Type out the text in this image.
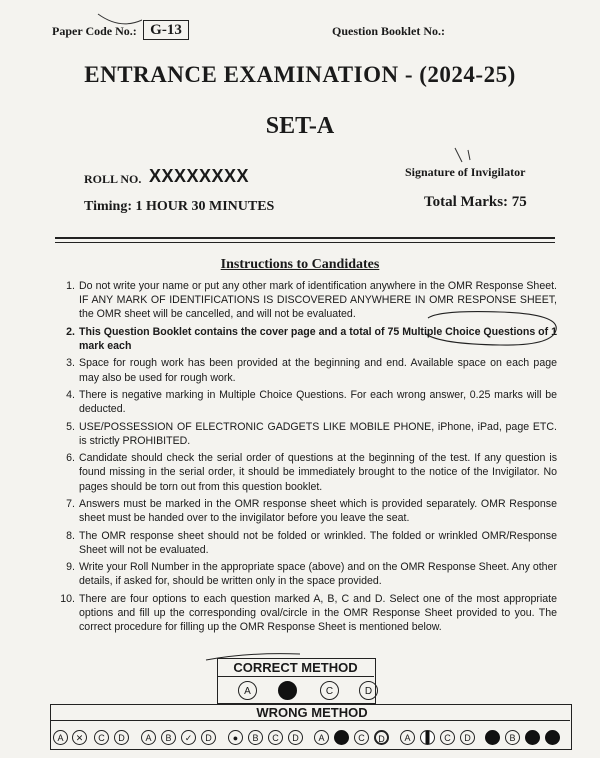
Paper Code No.: G-13	Question Booklet No.:
ENTRANCE EXAMINATION - (2024-25)
SET-A
ROLL NO. XXXXXXXX	Signature of Invigilator
Timing: 1 HOUR 30 MINUTES	Total Marks: 75
Instructions to Candidates
1. Do not write your name or put any other mark of identification anywhere in the OMR Response Sheet. IF ANY MARK OF IDENTIFICATIONS IS DISCOVERED ANYWHERE IN OMR RESPONSE SHEET, the OMR sheet will be cancelled, and will not be evaluated.
2. This Question Booklet contains the cover page and a total of 75 Multiple Choice Questions of 1 mark each
3. Space for rough work has been provided at the beginning and end. Available space on each page may also be used for rough work.
4. There is negative marking in Multiple Choice Questions. For each wrong answer, 0.25 marks will be deducted.
5. USE/POSSESSION OF ELECTRONIC GADGETS LIKE MOBILE PHONE, iPhone, iPad, page ETC. is strictly PROHIBITED.
6. Candidate should check the serial order of questions at the beginning of the test. If any question is found missing in the serial order, it should be immediately brought to the notice of the Invigilator. No pages should be torn out from this question booklet.
7. Answers must be marked in the OMR response sheet which is provided separately. OMR Response sheet must be handed over to the invigilator before you leave the seat.
8. The OMR response sheet should not be folded or wrinkled. The folded or wrinkled OMR/Response Sheet will not be evaluated.
9. Write your Roll Number in the appropriate space (above) and on the OMR Response Sheet. Any other details, if asked for, should be written only in the space provided.
10. There are four options to each question marked A, B, C and D. Select one of the most appropriate options and fill up the corresponding oval/circle in the OMR Response Sheet provided to you. The correct procedure for filling up the OMR Response Sheet is mentioned below.
CORRECT METHOD
A	C	D
WRONG METHOD
A	✕	C	D	A	B	✓	D	●	B	C	D	A	C	D	A	C	D	B
